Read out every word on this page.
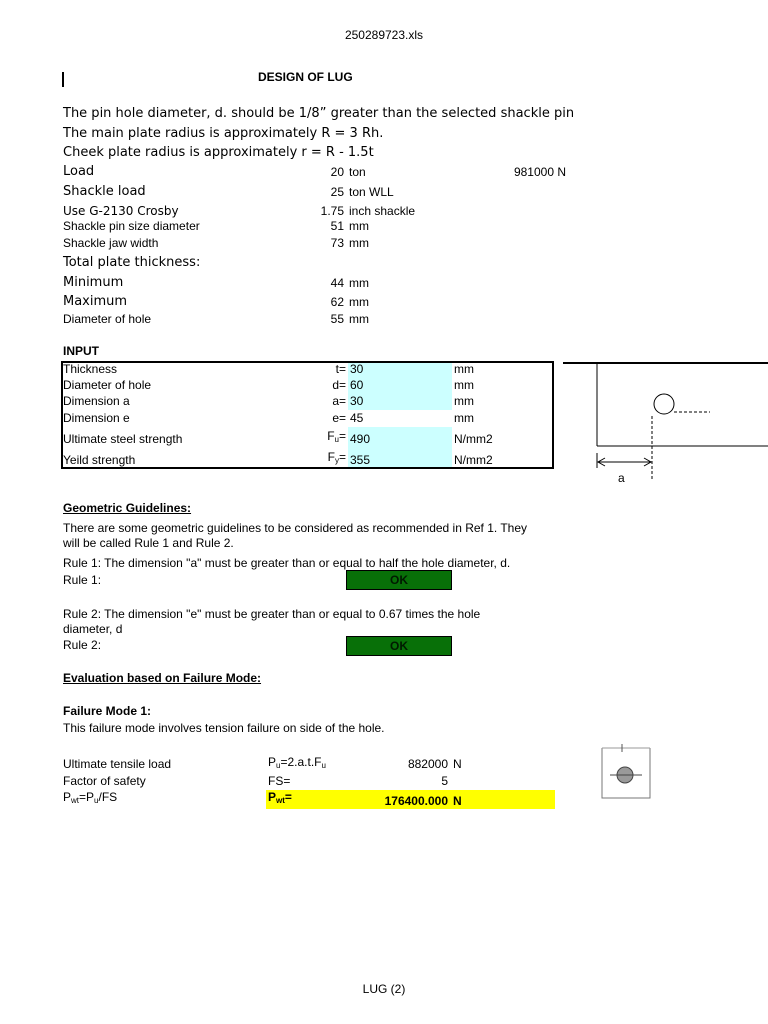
250289723.xls
LUG (2)
DESIGN OF LUG
The pin hole diameter, d. should be 1/8” greater than the selected shackle pin
The main plate radius is approximately R = 3 Rh.
Cheek plate radius is approximately r = R - 1.5t
Load	20 ton	981000 N
Shackle load	25 ton WLL
Use G-2130 Crosby	1.75 inch shackle
Shackle pin size diameter	51 mm
Shackle jaw width	73 mm
Total plate thickness:
Minimum	44 mm
Maximum	62 mm
Diameter of hole	55 mm
INPUT
Thickness	t= 30	mm
Diameter of hole	d= 60	mm
Dimension a	a= 30	mm
Dimension e	e= 45	mm
Ultimate steel strength	$F_u= 490$	N/mm2
Yeild strength	$F_y= 355$	N/mm2
a
Geometric Guidelines:
There are some geometric guidelines to be considered as recommended in Ref 1. They
will be called Rule 1 and Rule 2.
Rule 1: The dimension "a" must be greater than or equal to half the hole diameter, d.
Rule 1:	OK
Rule 2: The dimension "e" must be greater than or equal to 0.67 times the hole
diameter, d
Rule 2:	OK
Evaluation based on Failure Mode:
Failure Mode 1:
This failure mode involves tension failure on side of the hole.
Ultimate tensile load	$P_u=2.a.t.F_u$	882000 N
Factor of safety	FS=	5
$P_{wt}=P_u/FS$	$P_{wt}=$	176400.000 N
